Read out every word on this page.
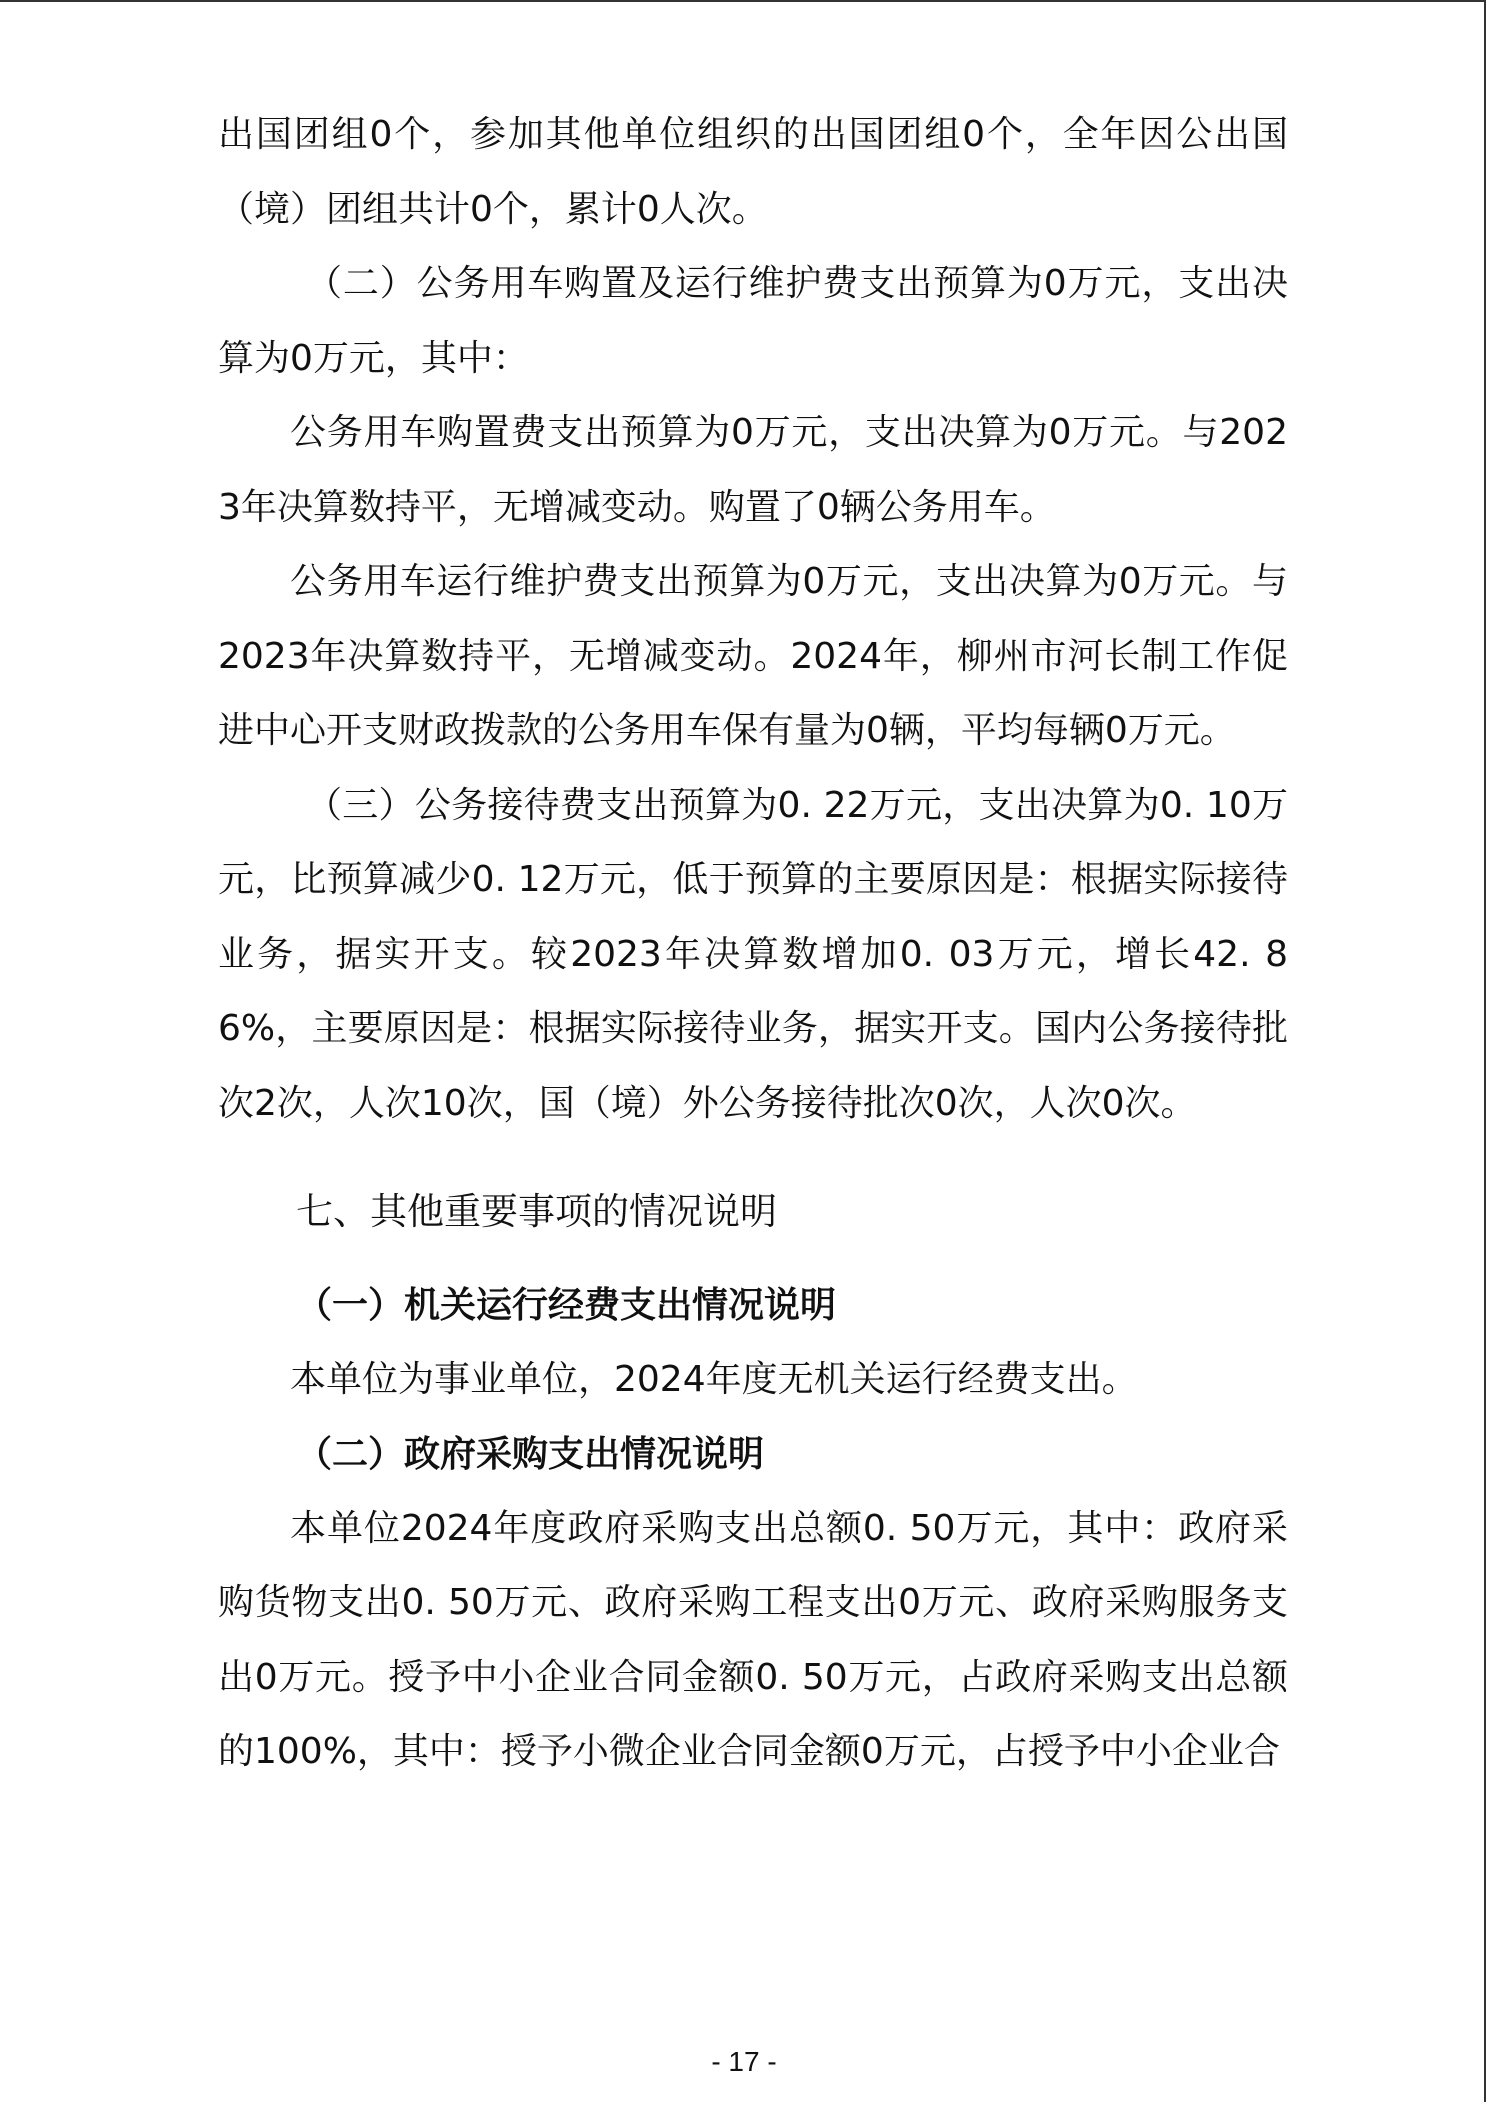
出国团组0个，参加其他单位组织的出国团组0个，全年因公出国（境）团组共计0个，累计0人次。

（二）公务用车购置及运行维护费支出预算为0万元，支出决算为0万元，其中：

公务用车购置费支出预算为0万元，支出决算为0万元。与2023年决算数持平，无增减变动。购置了0辆公务用车。

公务用车运行维护费支出预算为0万元，支出决算为0万元。与2023年决算数持平，无增减变动。2024年，柳州市河长制工作促进中心开支财政拨款的公务用车保有量为0辆，平均每辆0万元。

（三）公务接待费支出预算为0. 22万元，支出决算为0. 10万元，比预算减少0. 12万元，低于预算的主要原因是：根据实际接待业务，据实开支。较2023年决算数增加0. 03万元，增长42. 86%，主要原因是：根据实际接待业务，据实开支。国内公务接待批次2次，人次10次，国（境）外公务接待批次0次，人次0次。

七、其他重要事项的情况说明
（一）机关运行经费支出情况说明

本单位为事业单位，2024年度无机关运行经费支出。

（二）政府采购支出情况说明

本单位2024年度政府采购支出总额0. 50万元，其中：政府采购货物支出0. 50万元、政府采购工程支出0万元、政府采购服务支出0万元。授予中小企业合同金额0. 50万元，占政府采购支出总额的100%，其中：授予小微企业合同金额0万元，占授予中小企业合

- 17 -
